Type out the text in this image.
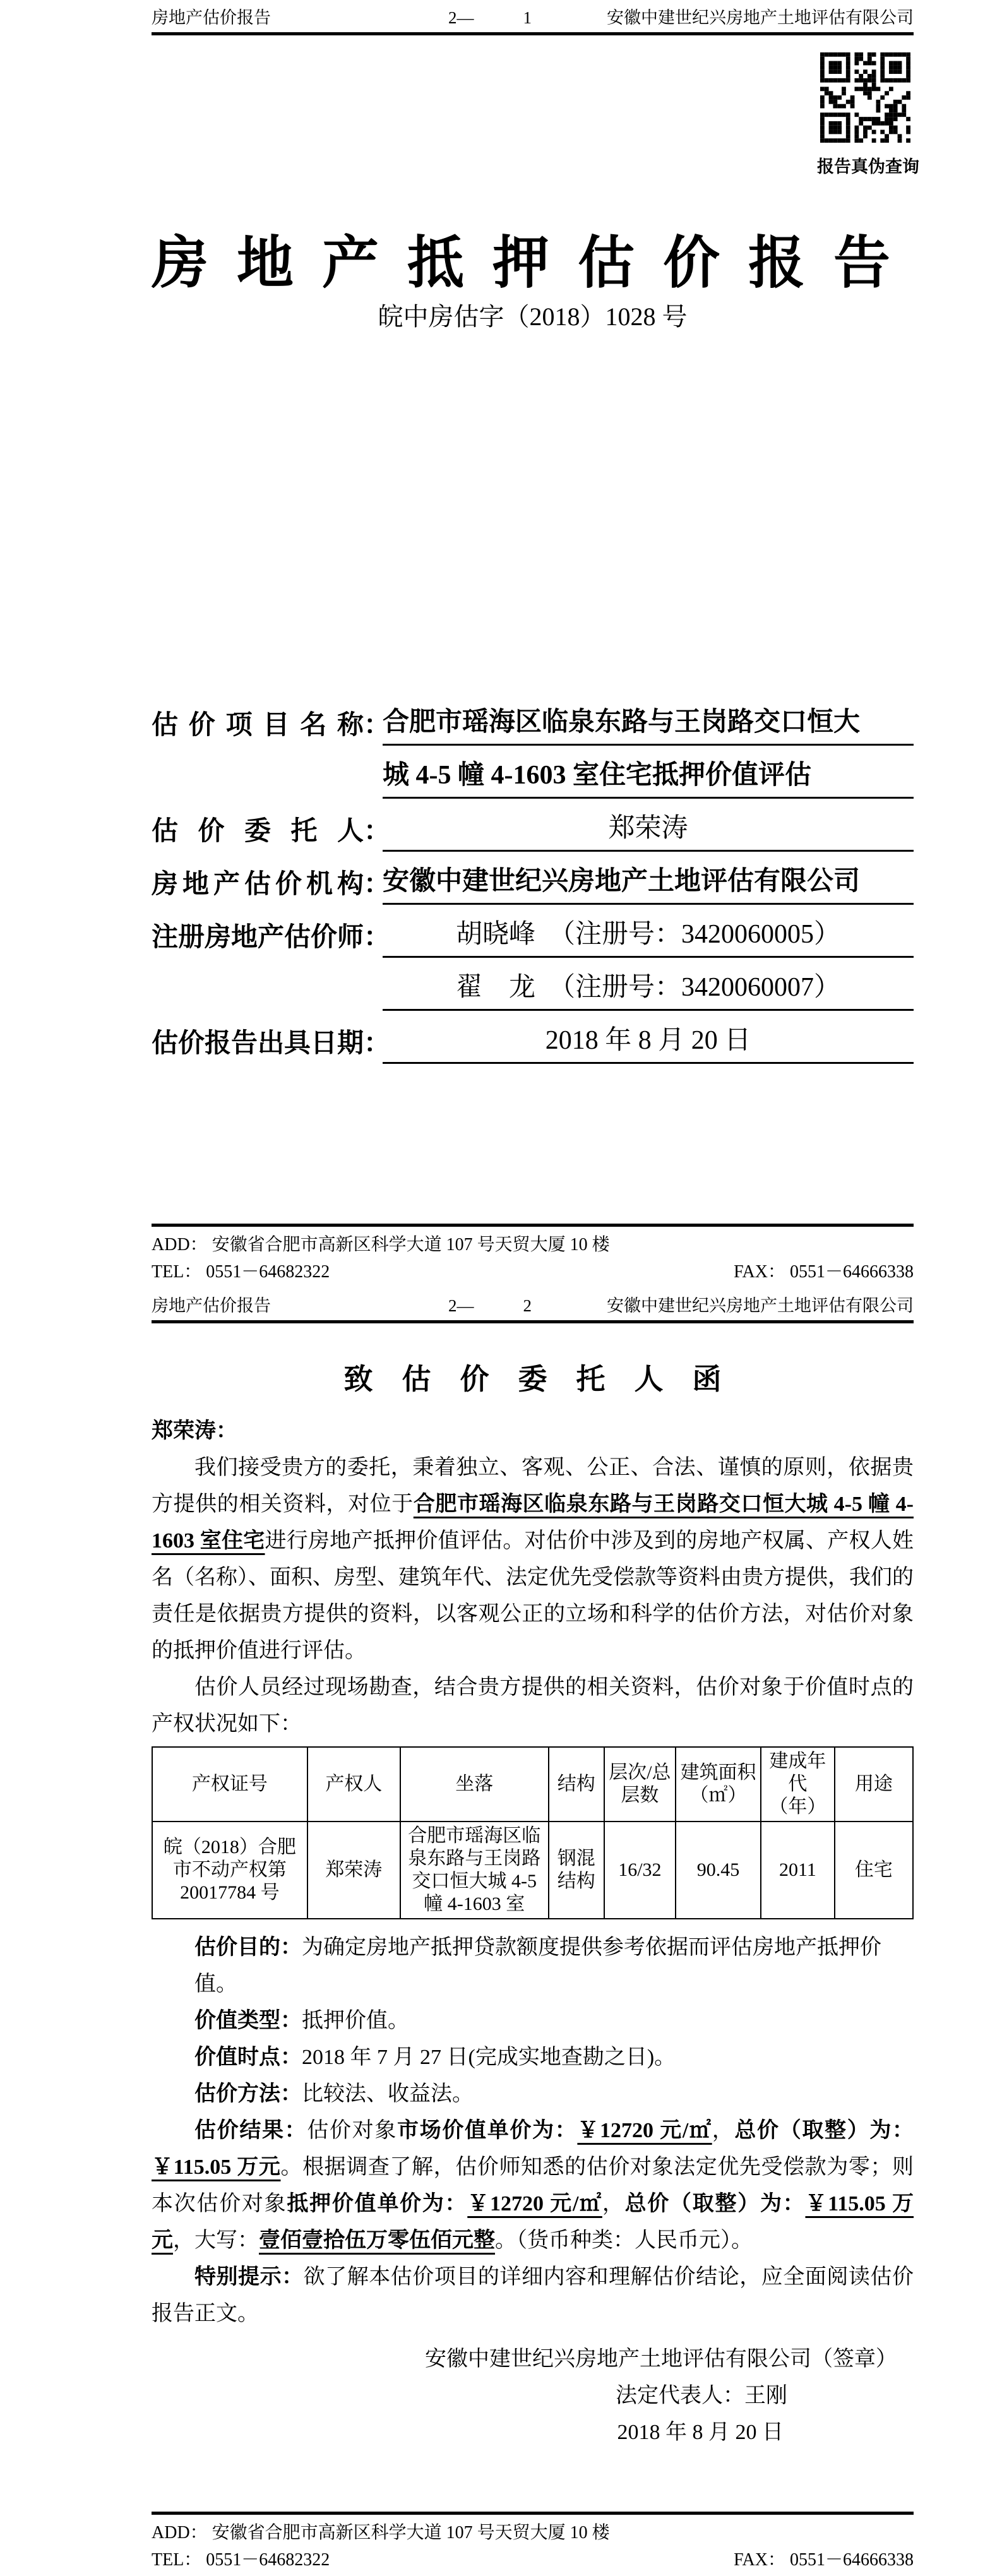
房地产估价报告	2—	1	安徽中建世纪兴房地产土地评估有限公司
报告真伪查询
房地产抵押估价报告
皖中房估字（2018）1028 号
估价项目名称 ：
合肥市瑶海区临泉东路与王岗路交口恒大
城 4-5 幢 4-1603 室住宅抵押价值评估
估价委托人 ：	郑荣涛
房地产估价机构 ：
安徽中建世纪兴房地产土地评估有限公司
注册房地产估价师 ：	胡晓峰　（注册号：3420060005）
翟　龙　（注册号：3420060007）
估价报告出具日期 ：	2018 年 8 月 20 日
ADD： 安徽省合肥市高新区科学大道 107 号天贸大厦 10 楼
TEL： 0551－64682322	FAX： 0551－64666338
房地产估价报告	2—	2	安徽中建世纪兴房地产土地评估有限公司
致　估　价　委　托　人　函

郑荣涛：

我们接受贵方的委托，秉着独立、客观、公正、合法、谨慎的原则，依据贵方提供的相关资料，对位于合肥市瑶海区临泉东路与王岗路交口恒大城 4-5 幢 4-1603 室住宅进行房地产抵押价值评估。对估价中涉及到的房地产权属、产权人姓名（名称）、面积、房型、建筑年代、法定优先受偿款等资料由贵方提供，我们的责任是依据贵方提供的资料，以客观公正的立场和科学的估价方法，对估价对象的抵押价值进行评估。

估价人员经过现场勘查，结合贵方提供的相关资料，估价对象于价值时点的产权状况如下：

产权证号	产权人	坐落	结构	层次/总层数	建筑面积（㎡）	建成年代（年）	用途
皖（2018）合肥市不动产权第 20017784 号	郑荣涛	合肥市瑶海区临泉东路与王岗路交口恒大城 4-5 幢 4-1603 室	钢混结构	16/32	90.45	2011	住宅

估价目的：为确定房地产抵押贷款额度提供参考依据而评估房地产抵押价值。

价值类型：抵押价值。

价值时点：2018 年 7 月 27 日(完成实地查勘之日)。

估价方法：比较法、收益法。

估价结果：估价对象市场价值单价为：￥12720 元/㎡，总价（取整）为：￥115.05 万元。根据调查了解，估价师知悉的估价对象法定优先受偿款为零；则本次估价对象抵押价值单价为：￥12720 元/㎡，总价（取整）为：￥115.05 万元，大写：壹佰壹拾伍万零伍佰元整。（货币种类：人民币元）。

特别提示：欲了解本估价项目的详细内容和理解估价结论，应全面阅读估价报告正文。

安徽中建世纪兴房地产土地评估有限公司（签章）
法定代表人：王刚
2018 年 8 月 20 日
ADD： 安徽省合肥市高新区科学大道 107 号天贸大厦 10 楼
TEL： 0551－64682322	FAX： 0551－64666338
